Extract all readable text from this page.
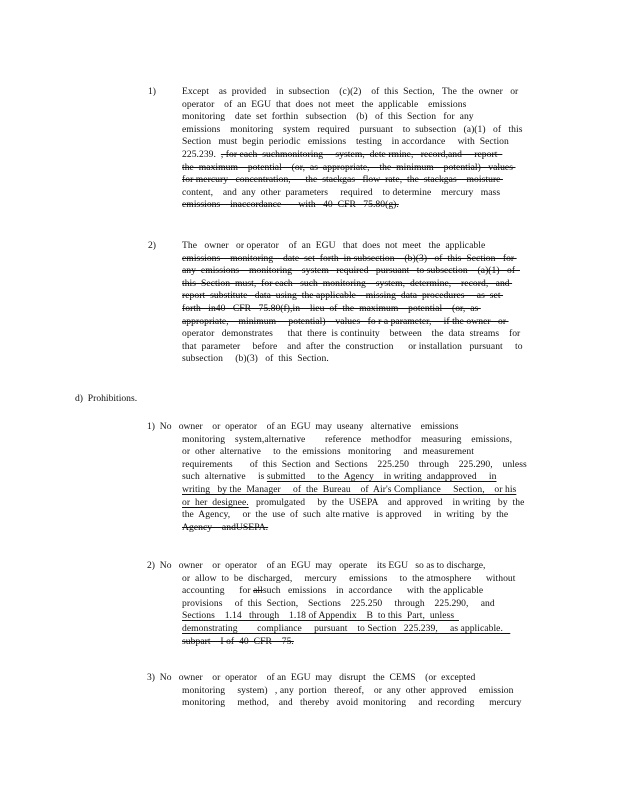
1)	Except    as  provided    in  subsection    (c)(2)    of  this  Section,   The  the  owner   or
operator    of  an  EGU  that  does  not  meet   the  applicable    emissions
monitoring    date  set  forthin   subsection    (b)   of  this  Section   for  any
emissions    monitoring    system   required    pursuant    to  subsection   (a)(1)   of   this
Section   must  begin  periodic   emissions    testing    in accordance     with  Section
225.239.  , for each  suchmonitoring     system,  dete rmine,   record,and     report
the  maximum    potential    (or,  as  appropriate,    the  minimum    potential)   values
for mercury   concentration,      the  stackgas   flow  rate,  the  stackgas    moisture
content,    and  any  other  parameters     required    to determine    mercury   mass
emissions    inaccordance       with   40  CFR   75.80(g).
2)	The   owner   or operator    of  an  EGU   that  does  not  meet   the  applicable
emissions    monitoring    date  set  forth  in subsection    (b)(3)   of  this  Section   for
any  emissions    monitoring    system   required   pursuant   to subsection    (a)(1)   of
this  Section  must,  for each   such  monitoring    system,  determine,    record,   and
report  substitute   data  using  the applicable    missing  data  procedures     as  set
forth   in40   CFR   75.80(f),in    lieu  of  the  maximum    potential    (or,  as
appropriate,    minimum     potential)    values   fo r a parameter,     if the owner   or
operator   demonstrates      that  there  is continuity    between    the  data  streams    for
that  parameter     before    and  after  the  construction      or installation   pursuant     to
subsection     (b)(3)   of  this  Section.
d)  Prohibitions.
1)  No   owner    or  operator    of an  EGU  may  useany   alternative    emissions
monitoring    system,alternative        reference    methodfor    measuring    emissions,
or  other  alternative     to  the  emissions   monitoring     and  measurement
requirements       of  this  Section  and  Sections    225.250    through    225.290,    unless
such  alternative     is submitted     to the  Agency    in writing  andapproved     in
writing   by the  Manager     of  the  Bureau    of  Air's Compliance     Section,    or his
or  her  designee.   promulgated     by  the  USEPA    and  approved    in writing   by  the
the  Agency,     or  the  use  of  such  alte rnative   is approved     in  writing   by  the
Agency    andUSEPA.
2)  No   owner    or  operator    of an  EGU  may   operate    its EGU   so as to discharge,
or  allow  to  be  discharged,     mercury     emissions     to  the atmosphere      without
accounting      for allsuch   emissions    in  accordance      with  the applicable
provisions     of  this  Section,    Sections    225.250     through    225.290,     and
Sections    1.14   through    1.18 of Appendix    B  to this  Part,  unless
demonstrating        compliance     pursuant    to Section   225.239,     as applicable.
subpart    I of  40  CFR    75.
3)  No   owner    or  operator    of an  EGU  may   disrupt   the  CEMS    (or  excepted
monitoring     system)   , any  portion   thereof,    or  any  other  approved     emission
monitoring     method,    and   thereby   avoid  monitoring     and  recording      mercury
